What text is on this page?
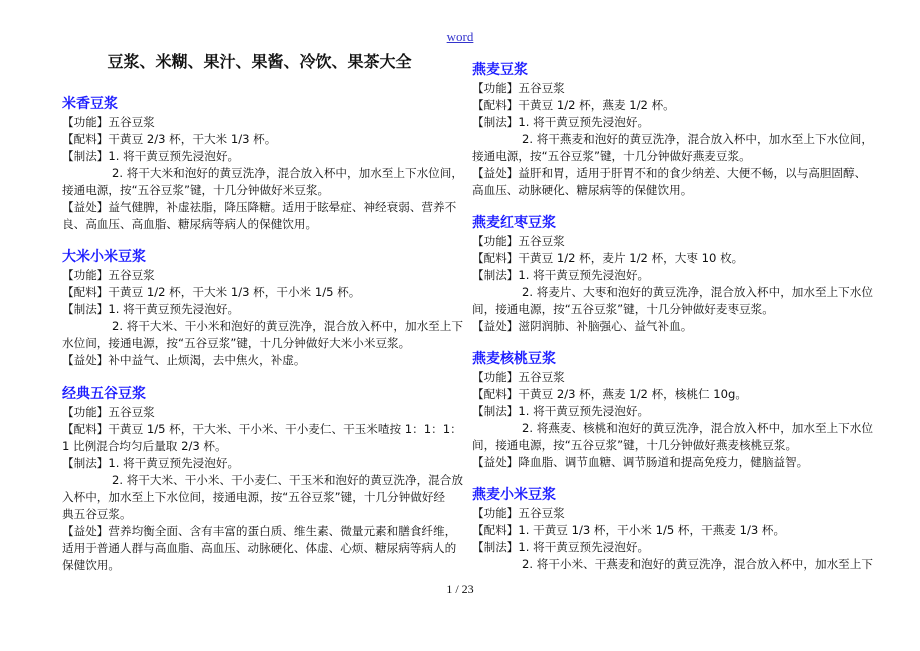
word
豆浆、米糊、果汁、果酱、冷饮、果茶大全
米香豆浆
【功能】五谷豆浆
【配料】干黄豆 2/3 杯，干大米 1/3 杯。
【制法】1. 将干黄豆预先浸泡好。
2. 将干大米和泡好的黄豆洗净，混合放入杯中，加水至上下水位间，
接通电源，按“五谷豆浆”键，十几分钟做好米豆浆。
【益处】益气健脾，补虚祛脂，降压降糖。适用于眩晕症、神经衰弱、营养不
良、高血压、高血脂、糖尿病等病人的保健饮用。
大米小米豆浆
【功能】五谷豆浆
【配料】干黄豆 1/2 杯，干大米 1/3 杯，干小米 1/5 杯。
【制法】1. 将干黄豆预先浸泡好。
2. 将干大米、干小米和泡好的黄豆洗净，混合放入杯中，加水至上下
水位间，接通电源，按“五谷豆浆”键，十几分钟做好大米小米豆浆。
【益处】补中益气、止烦渴，去中焦火，补虚。
经典五谷豆浆
【功能】五谷豆浆
【配料】干黄豆 1/5 杯，干大米、干小米、干小麦仁、干玉米喳按 1：1：1：
1 比例混合均匀后量取 2/3 杯。
【制法】1. 将干黄豆预先浸泡好。
2. 将干大米、干小米、干小麦仁、干玉米和泡好的黄豆洗净，混合放
入杯中，加水至上下水位间，接通电源，按“五谷豆浆”键，十几分钟做好经
典五谷豆浆。
【益处】营养均衡全面、含有丰富的蛋白质、维生素、微量元素和膳食纤维，
适用于普通人群与高血脂、高血压、动脉硬化、体虚、心烦、糖尿病等病人的
保健饮用。
燕麦豆浆
【功能】五谷豆浆
【配料】干黄豆 1/2 杯，燕麦 1/2 杯。
【制法】1. 将干黄豆预先浸泡好。
2. 将干燕麦和泡好的黄豆洗净，混合放入杯中，加水至上下水位间，
接通电源，按“五谷豆浆”键，十几分钟做好燕麦豆浆。
【益处】益肝和胃，适用于肝胃不和的食少纳差、大便不畅，以与高胆固醇、
高血压、动脉硬化、糖尿病等的保健饮用。
燕麦红枣豆浆
【功能】五谷豆浆
【配料】干黄豆 1/2 杯，麦片 1/2 杯，大枣 10 枚。
【制法】1. 将干黄豆预先浸泡好。
2. 将麦片、大枣和泡好的黄豆洗净，混合放入杯中，加水至上下水位
间，接通电源，按“五谷豆浆”键，十几分钟做好麦枣豆浆。
【益处】滋阴润肺、补脑强心、益气补血。
燕麦核桃豆浆
【功能】五谷豆浆
【配料】干黄豆 2/3 杯，燕麦 1/2 杯，核桃仁 10g。
【制法】1. 将干黄豆预先浸泡好。
2. 将燕麦、核桃和泡好的黄豆洗净，混合放入杯中，加水至上下水位
间，接通电源，按“五谷豆浆”键，十几分钟做好燕麦核桃豆浆。
【益处】降血脂、调节血糖、调节肠道和提高免疫力，健脑益智。
燕麦小米豆浆
【功能】五谷豆浆
【配料】1. 干黄豆 1/3 杯，干小米 1/5 杯，干燕麦 1/3 杯。
【制法】1. 将干黄豆预先浸泡好。
2. 将干小米、干燕麦和泡好的黄豆洗净，混合放入杯中，加水至上下
1 / 23
